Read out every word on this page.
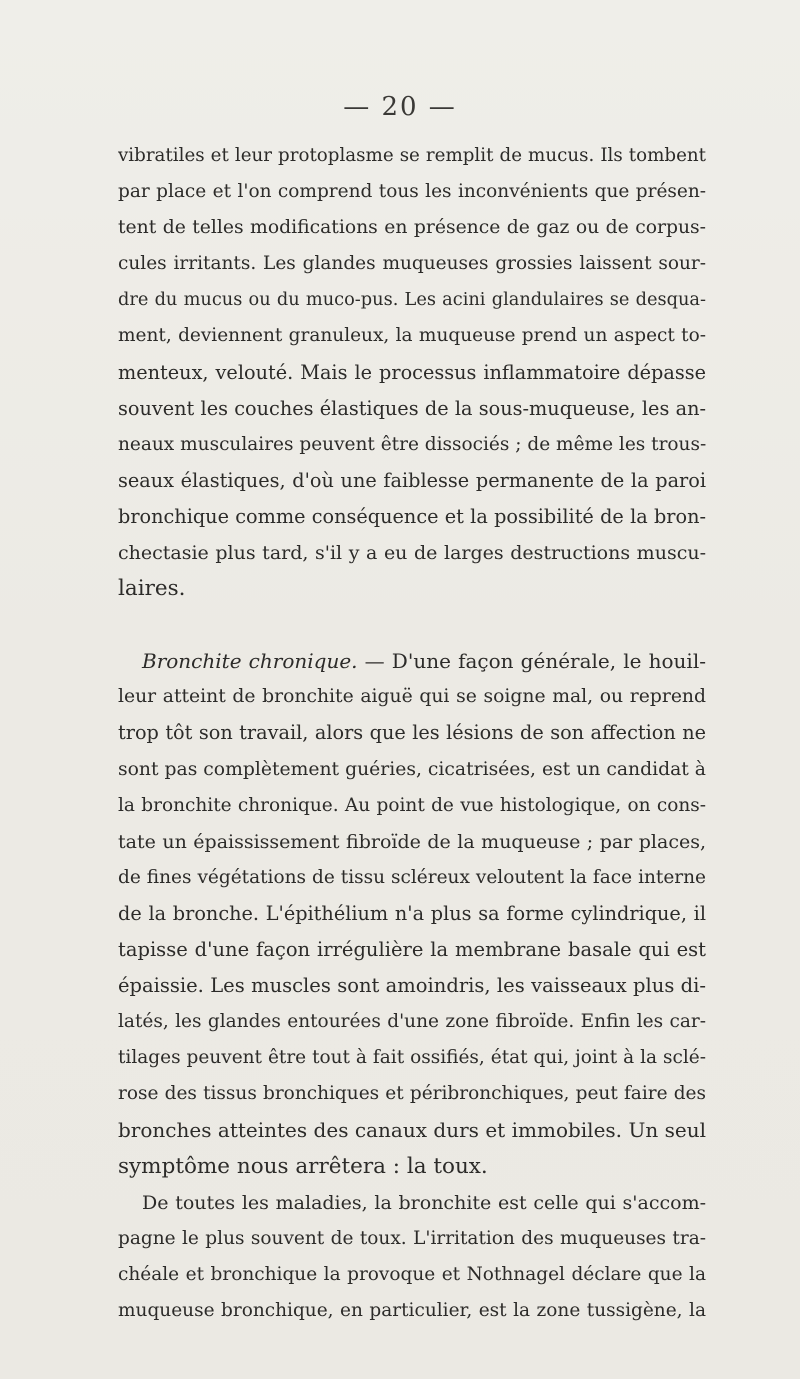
— 20 —
vibratiles et leur protoplasme se remplit de mucus. Ils tombent
par place et l'on comprend tous les inconvénients que présen-
tent de telles modifications en présence de gaz ou de corpus-
cules irritants. Les glandes muqueuses grossies laissent sour-
dre du mucus ou du muco-pus. Les acini glandulaires se desqua-
ment, deviennent granuleux, la muqueuse prend un aspect to-
menteux, velouté. Mais le processus inflammatoire dépasse
souvent les couches élastiques de la sous-muqueuse, les an-
neaux musculaires peuvent être dissociés ; de même les trous-
seaux élastiques, d'où une faiblesse permanente de la paroi
bronchique comme conséquence et la possibilité de la bron-
chectasie plus tard, s'il y a eu de larges destructions muscu-
laires.
Bronchite chronique. — D'une façon générale, le houil-
leur atteint de bronchite aiguë qui se soigne mal, ou reprend
trop tôt son travail, alors que les lésions de son affection ne
sont pas complètement guéries, cicatrisées, est un candidat à
la bronchite chronique. Au point de vue histologique, on cons-
tate un épaississement fibroïde de la muqueuse ; par places,
de fines végétations de tissu scléreux veloutent la face interne
de la bronche. L'épithélium n'a plus sa forme cylindrique, il
tapisse d'une façon irrégulière la membrane basale qui est
épaissie. Les muscles sont amoindris, les vaisseaux plus di-
latés, les glandes entourées d'une zone fibroïde. Enfin les car-
tilages peuvent être tout à fait ossifiés, état qui, joint à la sclé-
rose des tissus bronchiques et péribronchiques, peut faire des
bronches atteintes des canaux durs et immobiles. Un seul
symptôme nous arrêtera : la toux.
De toutes les maladies, la bronchite est celle qui s'accom-
pagne le plus souvent de toux. L'irritation des muqueuses tra-
chéale et bronchique la provoque et Nothnagel déclare que la
muqueuse bronchique, en particulier, est la zone tussigène, la
